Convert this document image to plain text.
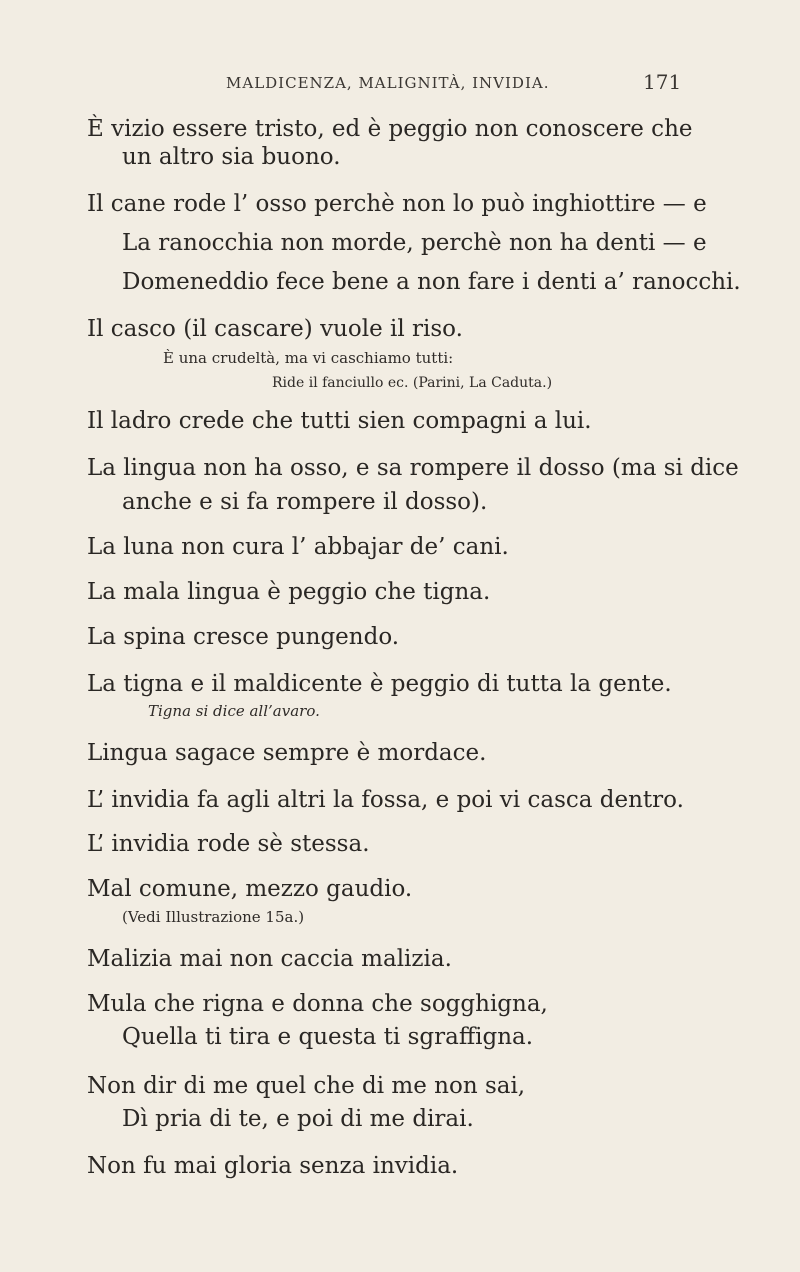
MALDICENZA, MALIGNITÀ, INVIDIA.	171
È vizio essere tristo, ed è peggio non conoscere che
un altro sia buono.
Il cane rode l’ osso perchè non lo può inghiottire — e
La ranocchia non morde, perchè non ha denti — e
Domeneddio fece bene a non fare i denti a’ ranocchi.
Il casco (il cascare) vuole il riso.
È una crudeltà, ma vi caschiamo tutti:
Ride il fanciullo ec. (Parini, La Caduta.)
Il ladro crede che tutti sien compagni a lui.
La lingua non ha osso, e sa rompere il dosso (ma si dice
anche e si fa rompere il dosso).
La luna non cura l’ abbajar de’ cani.
La mala lingua è peggio che tigna.
La spina cresce pungendo.
La tigna e il maldicente è peggio di tutta la gente.
Tigna si dice all’avaro.
Lingua sagace sempre è mordace.
L’ invidia fa agli altri la fossa, e poi vi casca dentro.
L’ invidia rode sè stessa.
Mal comune, mezzo gaudio.
(Vedi Illustrazione 15a.)
Malizia mai non caccia malizia.
Mula che rigna e donna che sogghigna,
Quella ti tira e questa ti sgraffigna.
Non dir di me quel che di me non sai,
Dì pria di te, e poi di me dirai.
Non fu mai gloria senza invidia.
